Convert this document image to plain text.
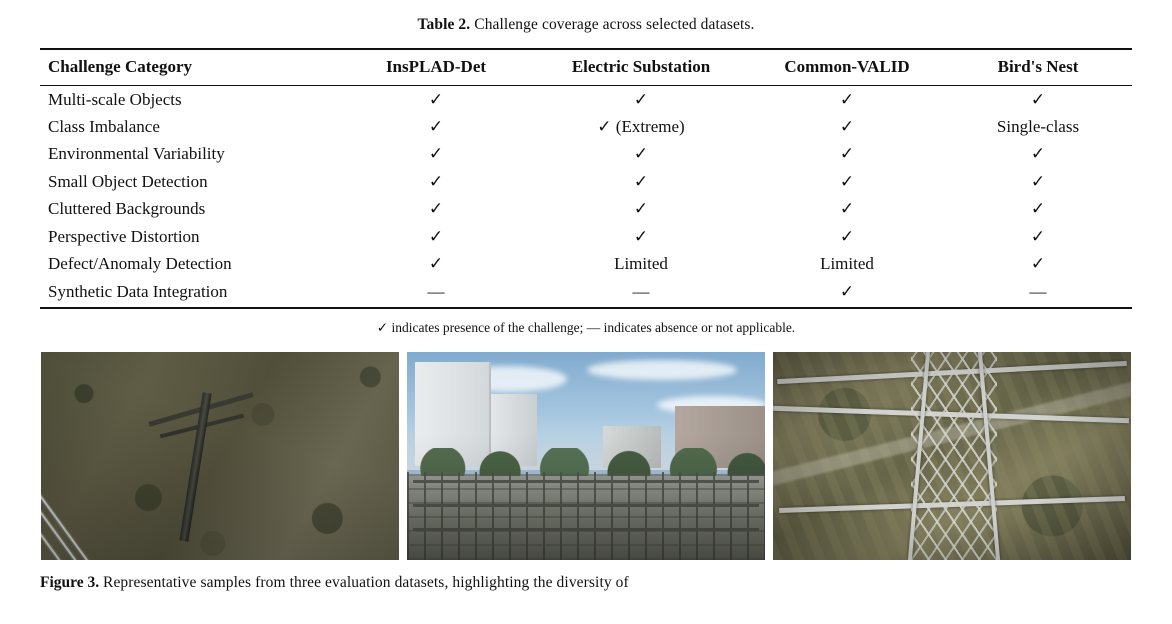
Table 2. Challenge coverage across selected datasets.
Challenge Category	InsPLAD-Det	Electric Substation	Common-VALID	Bird's Nest
Multi-scale Objects	✓	✓	✓	✓
Class Imbalance	✓	✓ (Extreme)	✓	Single-class
Environmental Variability	✓	✓	✓	✓
Small Object Detection	✓	✓	✓	✓
Cluttered Backgrounds	✓	✓	✓	✓
Perspective Distortion	✓	✓	✓	✓
Defect/Anomaly Detection	✓	Limited	Limited	✓
Synthetic Data Integration	—	—	✓	—
✓ indicates presence of the challenge; — indicates absence or not applicable.
Figure 3. Representative samples from three evaluation datasets, highlighting the diversity of
